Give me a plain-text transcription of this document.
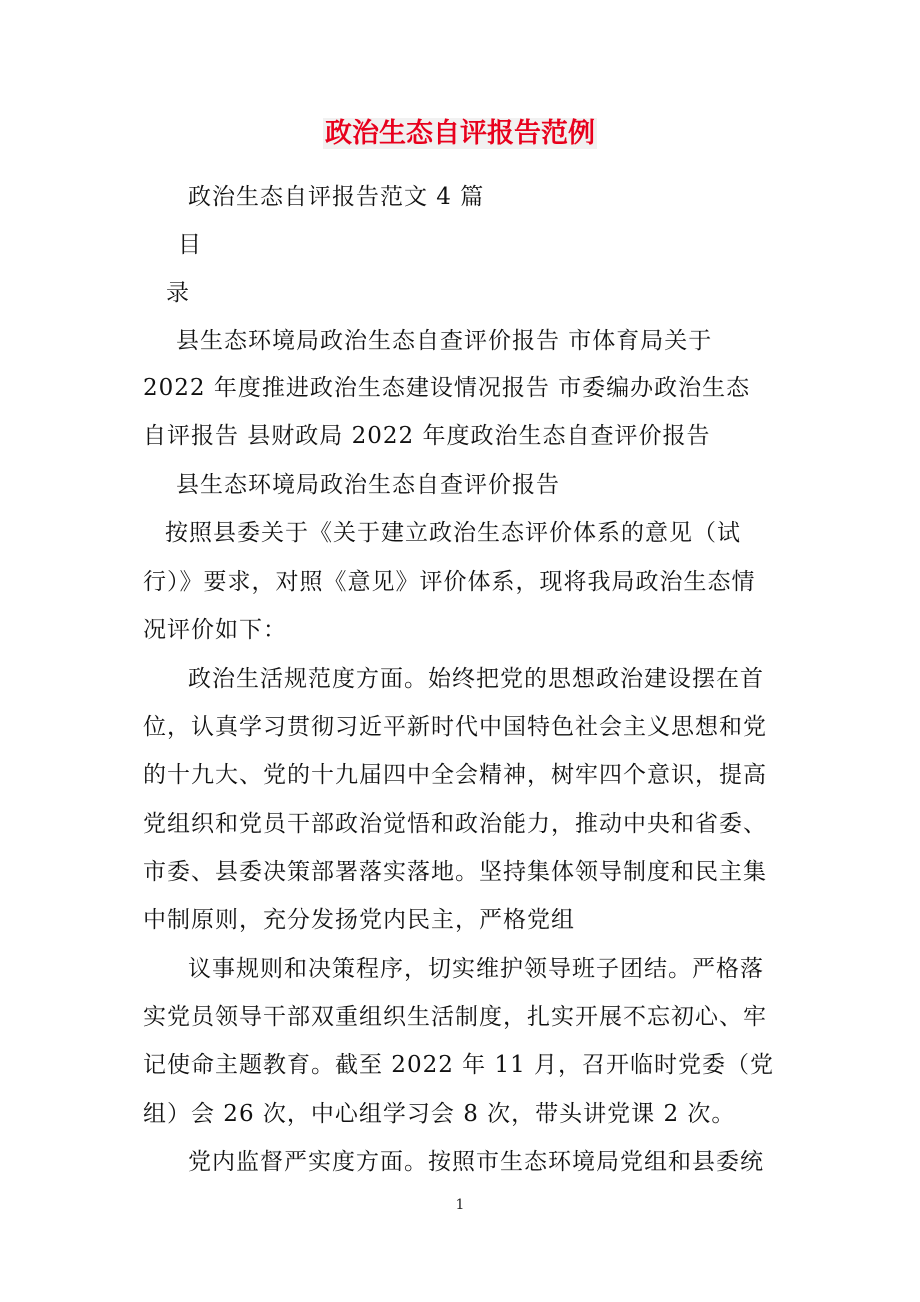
政治生态自评报告范例
政治生态自评报告范文 4 篇
目
录
县生态环境局政治生态自查评价报告 市体育局关于
2022 年度推进政治生态建设情况报告 市委编办政治生态
自评报告 县财政局 2022 年度政治生态自查评价报告
县生态环境局政治生态自查评价报告
按照县委关于《关于建立政治生态评价体系的意见（试
行）》要求，对照《意见》评价体系，现将我局政治生态情
况评价如下：
政治生活规范度方面。始终把党的思想政治建设摆在首
位，认真学习贯彻习近平新时代中国特色社会主义思想和党
的十九大、党的十九届四中全会精神，树牢四个意识，提高
党组织和党员干部政治觉悟和政治能力，推动中央和省委、
市委、县委决策部署落实落地。坚持集体领导制度和民主集
中制原则，充分发扬党内民主，严格党组
议事规则和决策程序，切实维护领导班子团结。严格落
实党员领导干部双重组织生活制度，扎实开展不忘初心、牢
记使命主题教育。截至 2022 年 11 月，召开临时党委（党
组）会 26 次，中心组学习会 8 次，带头讲党课 2 次。
党内监督严实度方面。按照市生态环境局党组和县委统
1
